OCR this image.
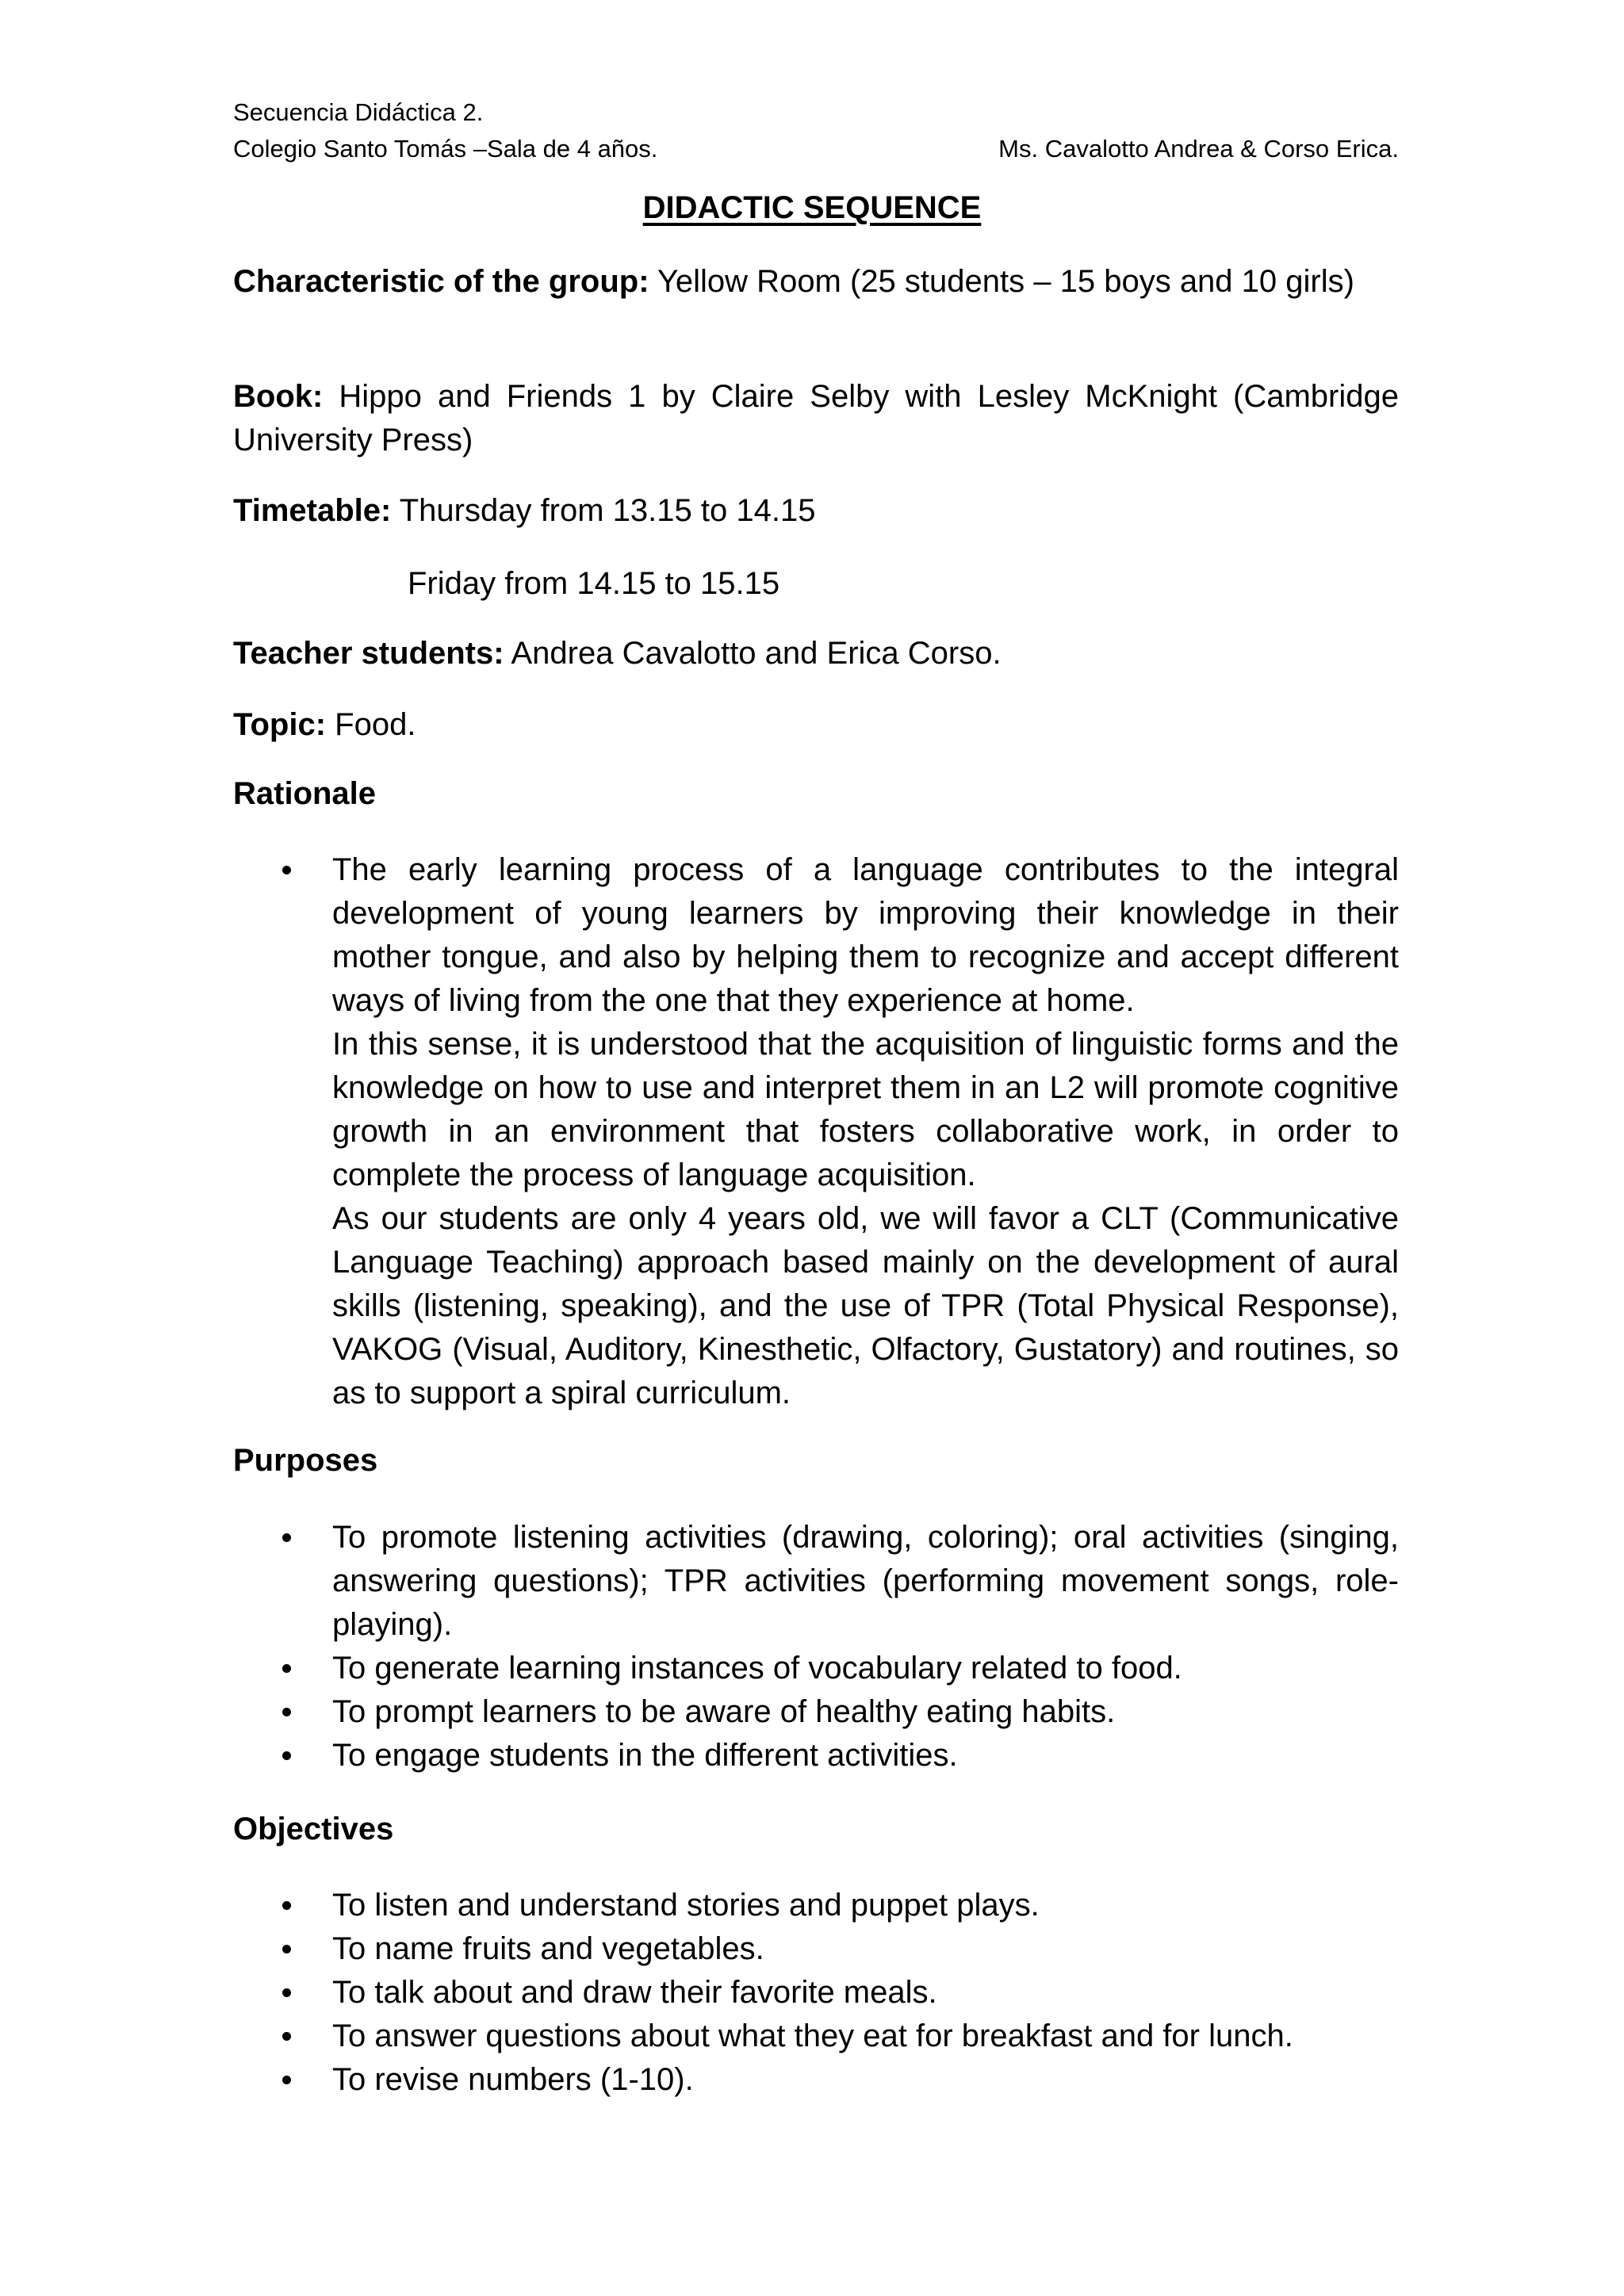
Secuencia Didáctica 2.
Colegio Santo Tomás –Sala de 4 años.	Ms. Cavalotto Andrea & Corso Erica.
DIDACTIC SEQUENCE
Characteristic of the group: Yellow Room (25 students – 15 boys and 10 girls)
Book: Hippo and Friends 1 by Claire Selby with Lesley McKnight (Cambridge University Press)
Timetable: Thursday from 13.15 to 14.15
Friday from 14.15 to 15.15
Teacher students: Andrea Cavalotto and Erica Corso.
Topic: Food.
Rationale
The early learning process of a language contributes to the integral development of young learners by improving their knowledge in their mother tongue, and also by helping them to recognize and accept different ways of living from the one that they experience at home.
In this sense, it is understood that the acquisition of linguistic forms and the knowledge on how to use and interpret them in an L2 will promote cognitive growth in an environment that fosters collaborative work, in order to complete the process of language acquisition.
As our students are only 4 years old, we will favor a CLT (Communicative Language Teaching) approach based mainly on the development of aural skills (listening, speaking), and the use of TPR (Total Physical Response), VAKOG (Visual, Auditory, Kinesthetic, Olfactory, Gustatory) and routines, so as to support a spiral curriculum.
Purposes
To promote listening activities (drawing, coloring); oral activities (singing, answering questions); TPR activities (performing movement songs, role-playing).
To generate learning instances of vocabulary related to food.
To prompt learners to be aware of healthy eating habits.
To engage students in the different activities.
Objectives
To listen and understand stories and puppet plays.
To name fruits and vegetables.
To talk about and draw their favorite meals.
To answer questions about what they eat for breakfast and for lunch.
To revise numbers (1-10).
